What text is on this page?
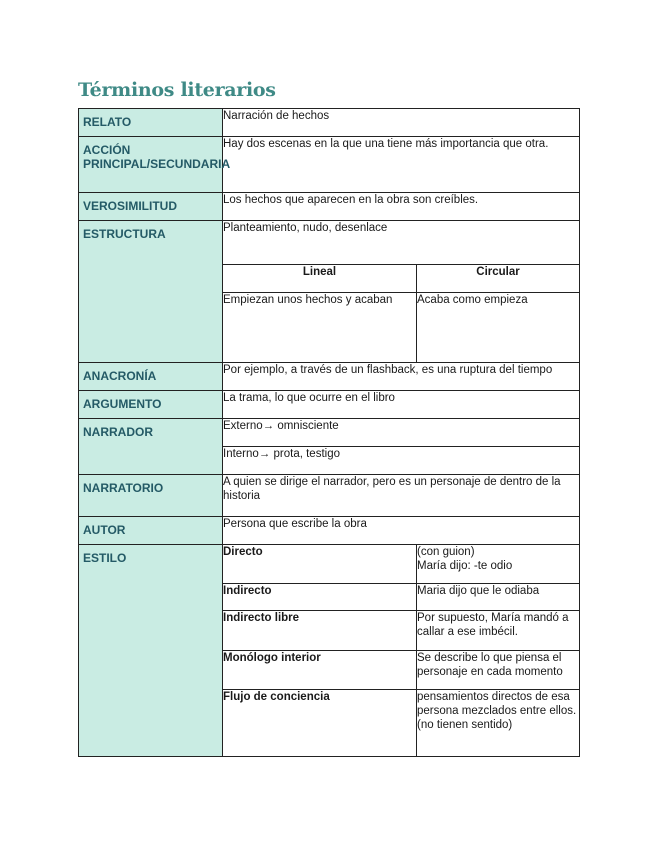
Términos literarios
RELATO	Narración de hechos	
ACCIÓN PRINCIPAL/SECUNDARIA	Hay dos escenas en la que una tiene más importancia que otra.	
VEROSIMILITUD	Los hechos que aparecen en la obra son creíbles.	
ESTRUCTURA	Planteamiento, nudo, desenlace	
	Lineal	Circular
	Empiezan unos hechos y acaban	Acaba como empieza
ANACRONÍA	Por ejemplo, a través de un flashback, es una ruptura del tiempo	
ARGUMENTO	La trama, lo que ocurre en el libro	
NARRADOR	Externo→ omnisciente	
	Interno→ prota, testigo	
NARRATORIO	A quien se dirige el narrador, pero es un personaje de dentro de la historia	
AUTOR	Persona que escribe la obra	
ESTILO	Directo	(con guion)
María dijo: -te odio
	Indirecto	Maria dijo que le odiaba
	Indirecto libre	Por supuesto, María mandó a callar a ese imbécil.
	Monólogo interior	Se describe lo que piensa el personaje en cada momento
	Flujo de conciencia	pensamientos directos de esa persona mezclados entre ellos. (no tienen sentido)
